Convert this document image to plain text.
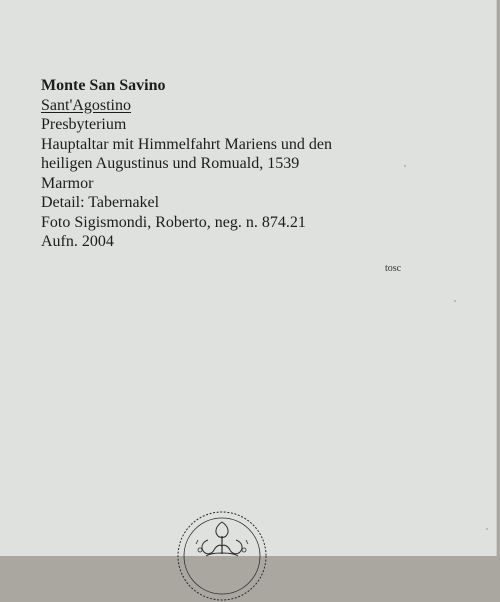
Monte San Savino
Sant'Agostino
Presbyterium
Hauptaltar mit Himmelfahrt Mariens und den
heiligen Augustinus und Romuald, 1539
Marmor
Detail: Tabernakel
Foto Sigismondi, Roberto, neg. n. 874.21
Aufn. 2004
tosc
